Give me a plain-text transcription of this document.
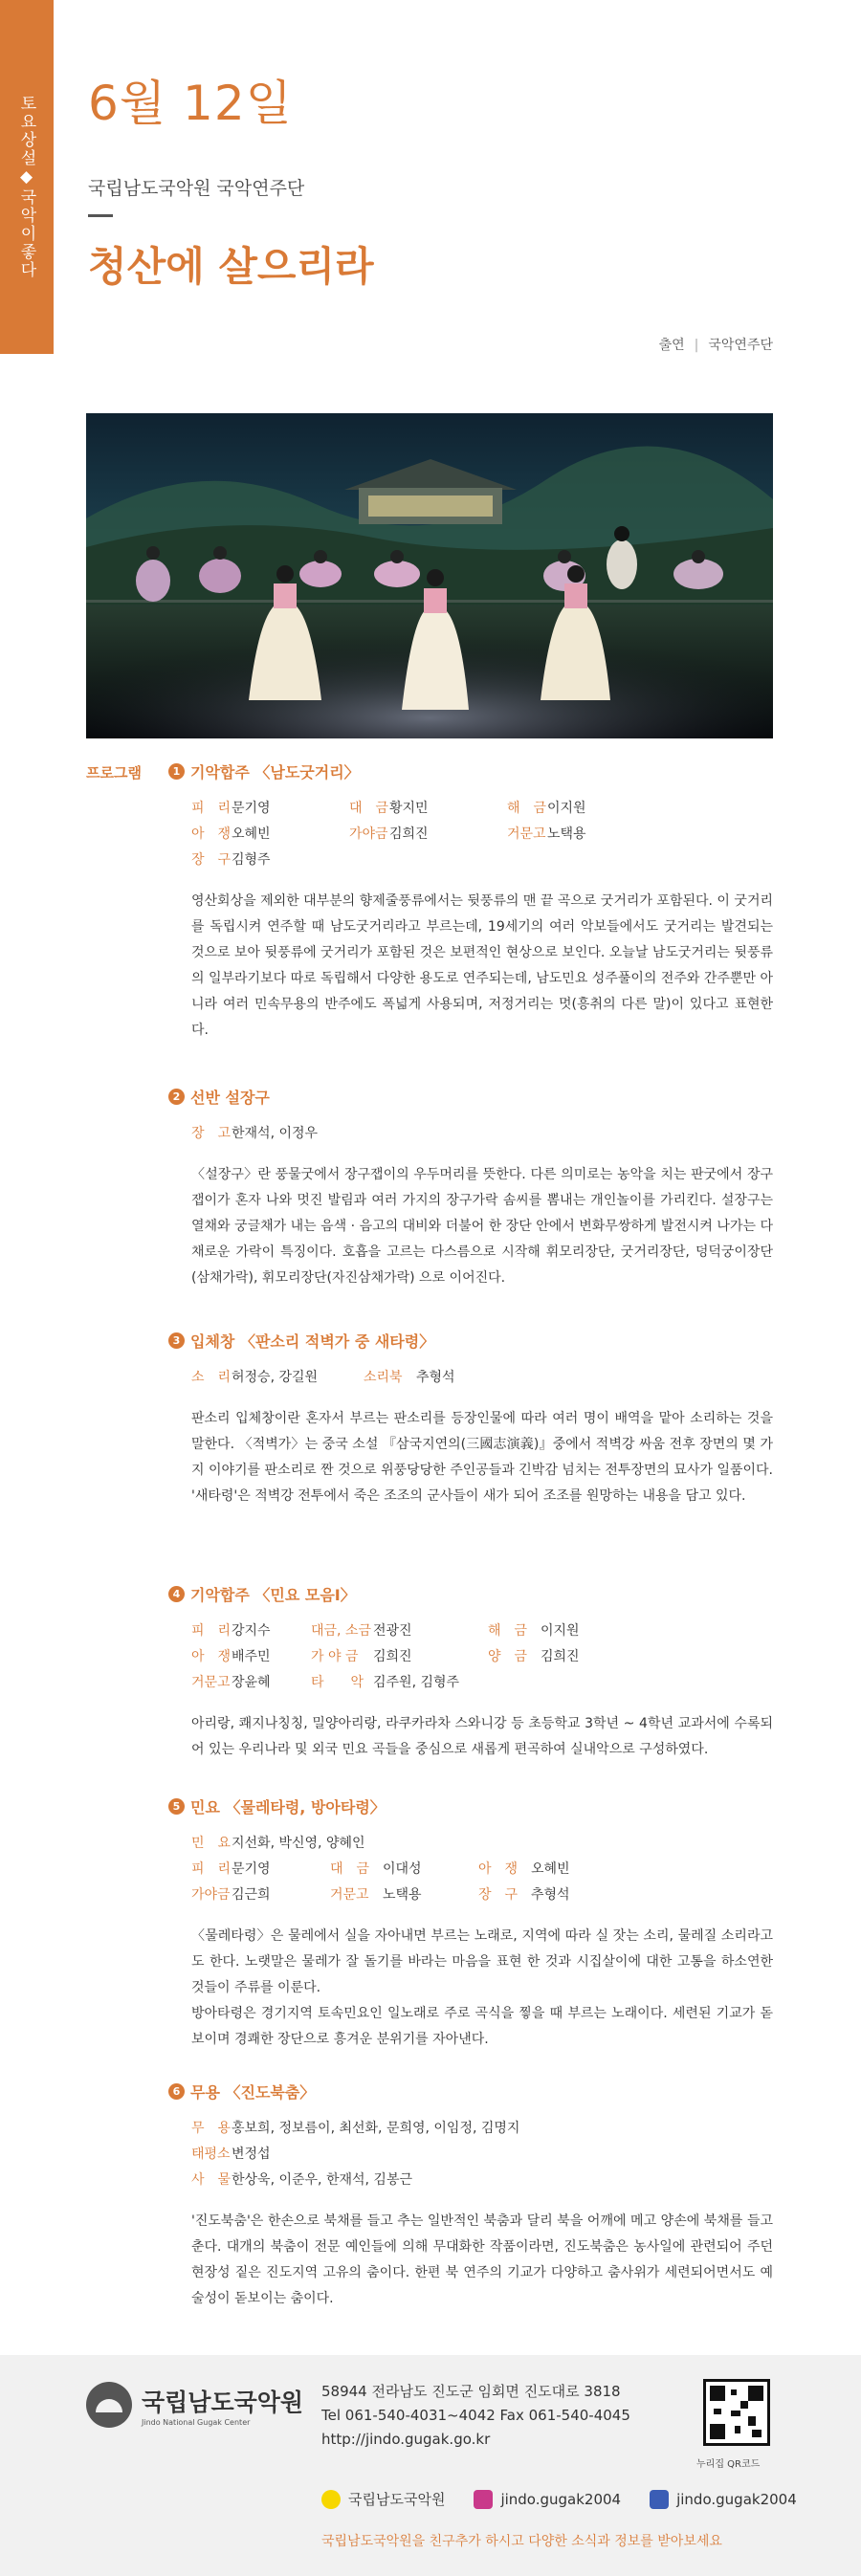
토요상설◆국악이좋다	6월 12일
국립남도국악원 국악연주단
청산에 살으리라
출연 | 국악연주단
프로그램	1 기악합주 〈남도굿거리〉
피　리 문기영	대　금 황지민	해　금 이지원
아　쟁 오혜빈	가야금 김희진	거문고 노택용
장　구 김형주

영산회상을 제외한 대부분의 향제줄풍류에서는 뒷풍류의 맨 끝 곡으로 굿거리가 포함된다. 이 굿거리를 독립시켜 연주할 때 남도굿거리라고 부르는데, 19세기의 여러 악보들에서도 굿거리는 발견되는 것으로 보아 뒷풍류에 굿거리가 포함된 것은 보편적인 현상으로 보인다. 오늘날 남도굿거리는 뒷풍류의 일부라기보다 따로 독립해서 다양한 용도로 연주되는데, 남도민요 성주풀이의 전주와 간주뿐만 아니라 여러 민속무용의 반주에도 폭넓게 사용되며, 저정거리는 멋(흥취의 다른 말)이 있다고 표현한다.

2 선반 설장구
장　고 한재석, 이정우

〈설장구〉란 풍물굿에서 장구잽이의 우두머리를 뜻한다. 다른 의미로는 농악을 치는 판굿에서 장구잽이가 혼자 나와 멋진 발림과 여러 가지의 장구가락 솜씨를 뽐내는 개인놀이를 가리킨다. 설장구는 열채와 궁글채가 내는 음색 · 음고의 대비와 더불어 한 장단 안에서 변화무쌍하게 발전시켜 나가는 다채로운 가락이 특징이다. 호흡을 고르는 다스름으로 시작해 휘모리장단, 굿거리장단, 덩덕궁이장단(삼채가락), 휘모리장단(자진삼채가락) 으로 이어진다.

3 입체창 〈판소리 적벽가 중 새타령〉
소　리 허정승, 강길원	소리북	추형석

판소리 입체창이란 혼자서 부르는 판소리를 등장인물에 따라 여러 명이 배역을 맡아 소리하는 것을 말한다. 〈적벽가〉는 중국 소설 『삼국지연의(三國志演義)』중에서 적벽강 싸움 전후 장면의 몇 가지 이야기를 판소리로 짠 것으로 위풍당당한 주인공들과 긴박감 넘치는 전투장면의 묘사가 일품이다. '새타령'은 적벽강 전투에서 죽은 조조의 군사들이 새가 되어 조조를 원망하는 내용을 담고 있다.

4 기악합주 〈민요 모음Ⅰ〉
피　리 강지수	대금, 소금 전광진	해　금 이지원
아　쟁 배주민	가 야 금	김희진	양　금 김희진
거문고 장윤혜	타　　악 김주원, 김형주

아리랑, 쾌지나칭칭, 밀양아리랑, 라쿠카라차 스와니강 등 초등학교 3학년 ~ 4학년 교과서에 수록되어 있는 우리나라 및 외국 민요 곡들을 중심으로 새롭게 편곡하여 실내악으로 구성하였다.

5 민요 〈물레타령, 방아타령〉
민　요 지선화, 박신영, 양혜인
피　리 문기영	대　금 이대성	아　쟁 오혜빈
가야금 김근희	거문고	노택용	장　구 추형석

〈물레타령〉은 물레에서 실을 자아내면 부르는 노래로, 지역에 따라 실 잣는 소리, 물레질 소리라고도 한다. 노랫말은 물레가 잘 돌기를 바라는 마음을 표현 한 것과 시집살이에 대한 고통을 하소연한 것들이 주류를 이룬다.

방아타령은 경기지역 토속민요인 일노래로 주로 곡식을 찧을 때 부르는 노래이다. 세련된 기교가 돋보이며 경쾌한 장단으로 흥겨운 분위기를 자아낸다.

6 무용 〈진도북춤〉
무　용 홍보희, 정보름이, 최선화, 문희영, 이임정, 김명지
태평소 변정섭
사　물 한상욱, 이준우, 한재석, 김봉근

'진도북춤'은 한손으로 북채를 들고 추는 일반적인 북춤과 달리 북을 어깨에 메고 양손에 북채를 들고 춘다. 대개의 북춤이 전문 예인들에 의해 무대화한 작품이라면, 진도북춤은 농사일에 관련되어 주던 현장성 짙은 진도지역 고유의 춤이다. 한편 북 연주의 기교가 다양하고 춤사위가 세련되어면서도 예술성이 돋보이는 춤이다.

국립남도국악원
Jindo National Gugak Center
58944 전라남도 진도군 임회면 진도대로 3818
Tel 061-540-4031~4042 Fax 061-540-4045
http://jindo.gugak.go.kr
누리집 QR코드
국립남도국악원	jindo.gugak2004	jindo.gugak2004
국립남도국악원을 친구추가 하시고 다양한 소식과 정보를 받아보세요
